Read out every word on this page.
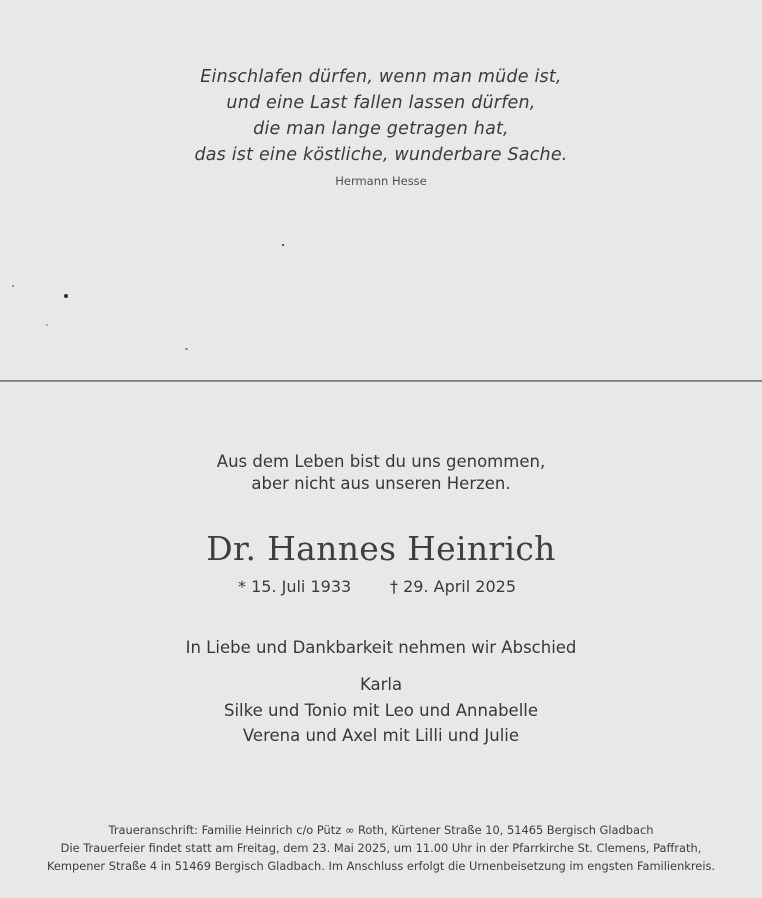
Einschlafen dürfen, wenn man müde ist,
und eine Last fallen lassen dürfen,
die man lange getragen hat,
das ist eine köstliche, wunderbare Sache.
Hermann Hesse
Aus dem Leben bist du uns genommen,
aber nicht aus unseren Herzen.
Dr. Hannes Heinrich
* 15. Juli 1933 † 29. April 2025
In Liebe und Dankbarkeit nehmen wir Abschied
Karla
Silke und Tonio mit Leo und Annabelle
Verena und Axel mit Lilli und Julie
Traueranschrift: Familie Heinrich c/o Pütz ∞ Roth, Kürtener Straße 10, 51465 Bergisch Gladbach
Die Trauerfeier findet statt am Freitag, dem 23. Mai 2025, um 11.00 Uhr in der Pfarrkirche St. Clemens, Paffrath,
Kempener Straße 4 in 51469 Bergisch Gladbach. Im Anschluss erfolgt die Urnenbeisetzung im engsten Familienkreis.
